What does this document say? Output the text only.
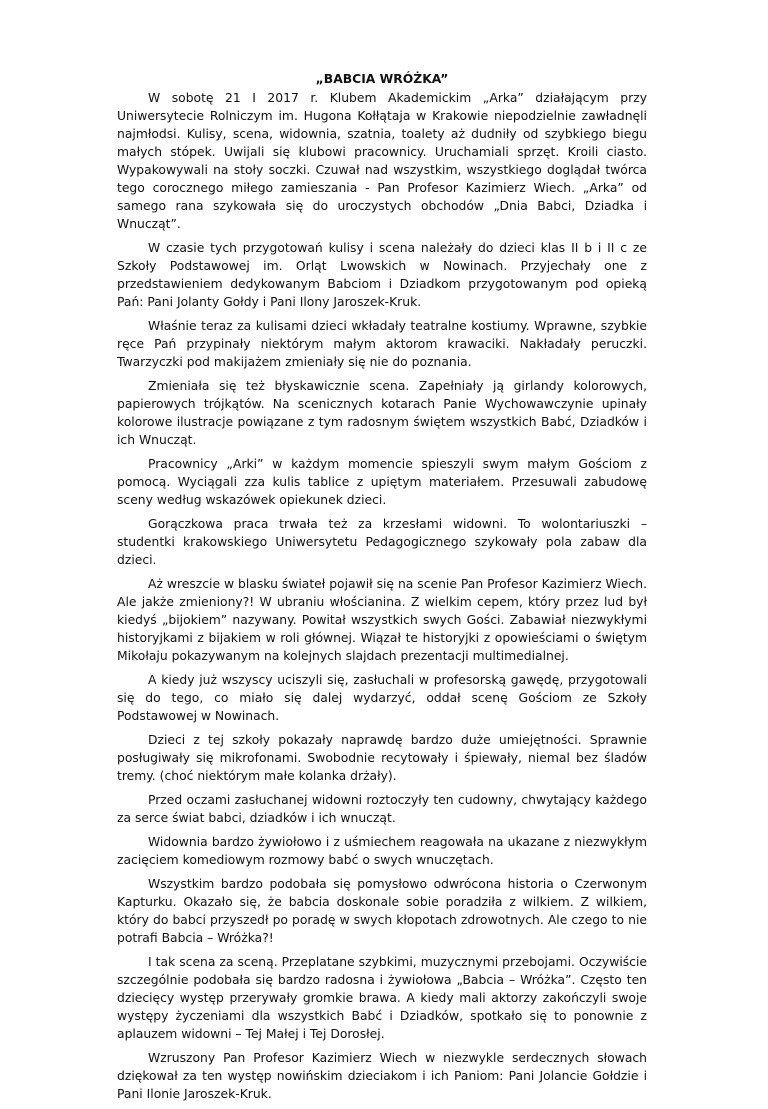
„BABCIA WRÓŻKA”

W sobotę 21 I 2017 r. Klubem Akademickim „Arka” działającym przy Uniwersytecie Rolniczym im. Hugona Kołłątaja w Krakowie niepodzielnie zawładnęli najmłodsi. Kulisy, scena, widownia, szatnia, toalety aż dudniły od szybkiego biegu małych stópek. Uwijali się klubowi pracownicy. Uruchamiali sprzęt. Kroili ciasto. Wypakowywali na stoły soczki. Czuwał nad wszystkim, wszystkiego doglądał twórca tego corocznego miłego zamieszania - Pan Profesor Kazimierz Wiech. „Arka” od samego rana szykowała się do uroczystych obchodów „Dnia Babci, Dziadka i Wnucząt”.

W czasie tych przygotowań kulisy i scena należały do dzieci klas II b i II c ze Szkoły Podstawowej im. Orląt Lwowskich w Nowinach. Przyjechały one z przedstawieniem dedykowanym Babciom i Dziadkom przygotowanym pod opieką Pań: Pani Jolanty Gołdy i Pani Ilony Jaroszek-Kruk.

Właśnie teraz za kulisami dzieci wkładały teatralne kostiumy. Wprawne, szybkie ręce Pań przypinały niektórym małym aktorom krawaciki. Nakładały peruczki. Twarzyczki pod makijażem zmieniały się nie do poznania.

Zmieniała się też błyskawicznie scena. Zapełniały ją girlandy kolorowych, papierowych trójkątów. Na scenicznych kotarach Panie Wychowawczynie upinały kolorowe ilustracje powiązane z tym radosnym świętem wszystkich Babć, Dziadków i ich Wnucząt.

Pracownicy „Arki” w każdym momencie spieszyli swym małym Gościom z pomocą. Wyciągali zza kulis tablice z upiętym materiałem. Przesuwali zabudowę sceny według wskazówek opiekunek dzieci.

Gorączkowa praca trwała też za krzesłami widowni. To wolontariuszki – studentki krakowskiego Uniwersytetu Pedagogicznego szykowały pola zabaw dla dzieci.

Aż wreszcie w blasku świateł pojawił się na scenie Pan Profesor Kazimierz Wiech. Ale jakże zmieniony?! W ubraniu włościanina. Z wielkim cepem, który przez lud był kiedyś „bijokiem” nazywany. Powitał wszystkich swych Gości. Zabawiał niezwykłymi historyjkami z bijakiem w roli głównej. Wiązał te historyjki z opowieściami o świętym Mikołaju pokazywanym na kolejnych slajdach prezentacji multimedialnej.

A kiedy już wszyscy uciszyli się, zasłuchali w profesorską gawędę, przygotowali się do tego, co miało się dalej wydarzyć, oddał scenę Gościom ze Szkoły Podstawowej w Nowinach.

Dzieci z tej szkoły pokazały naprawdę bardzo duże umiejętności. Sprawnie posługiwały się mikrofonami. Swobodnie recytowały i śpiewały, niemal bez śladów tremy. (choć niektórym małe kolanka drżały).

Przed oczami zasłuchanej widowni roztoczyły ten cudowny, chwytający każdego za serce świat babci, dziadków i ich wnucząt.

Widownia bardzo żywiołowo i z uśmiechem reagowała na ukazane z niezwykłym zacięciem komediowym rozmowy babć o swych wnuczętach.

Wszystkim bardzo podobała się pomysłowo odwrócona historia o Czerwonym Kapturku. Okazało się, że babcia doskonale sobie poradziła z wilkiem. Z wilkiem, który do babci przyszedł po poradę w swych kłopotach zdrowotnych. Ale czego to nie potrafi Babcia – Wróżka?!

I tak scena za sceną. Przeplatane szybkimi, muzycznymi przebojami. Oczywiście szczególnie podobała się bardzo radosna i żywiołowa „Babcia – Wróżka”. Często ten dziecięcy występ przerywały gromkie brawa. A kiedy mali aktorzy zakończyli swoje występy życzeniami dla wszystkich Babć i Dziadków, spotkało się to ponownie z aplauzem widowni – Tej Małej i Tej Dorosłej.

Wzruszony Pan Profesor Kazimierz Wiech w niezwykle serdecznych słowach dziękował za ten występ nowińskim dzieciakom i ich Paniom: Pani Jolancie Gołdzie i Pani Ilonie Jaroszek-Kruk.
